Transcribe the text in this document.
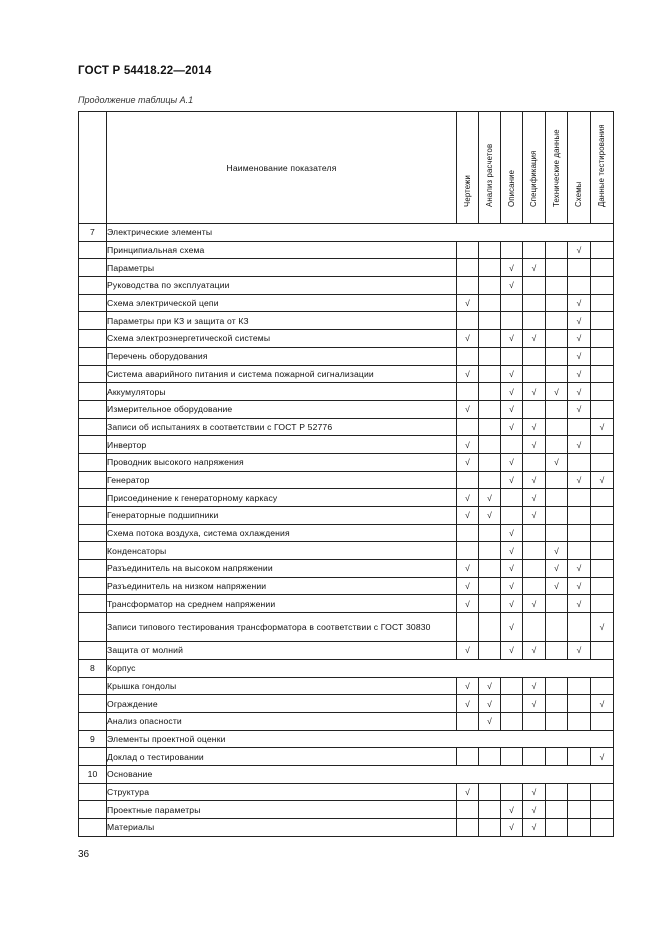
ГОСТ Р 54418.22—2014
Продолжение таблицы А.1
	Наименование показателя	Чертежи	Анализ расчетов	Описание	Спецификация	Технические данные	Схемы	Данные тестирования

7	Электрические элементы							
	Принципиальная схема						√	
	Параметры			√	√			
	Руководства по эксплуатации			√				
	Схема электрической цепи	√					√	
	Параметры при КЗ и защита от КЗ						√	
	Схема электроэнергетической системы	√		√	√		√	
	Перечень оборудования						√	
	Система аварийного питания и система пожарной сигнализации	√		√			√	
	Аккумуляторы			√	√	√	√	
	Измерительное оборудование	√		√			√	
	Записи об испытаниях в соответствии с ГОСТ Р 52776			√	√			√
	Инвертор	√			√		√	
	Проводник высокого напряжения	√		√		√		
	Генератор			√	√		√	√
	Присоединение к генераторному каркасу	√	√		√			
	Генераторные подшипники	√	√		√			
	Схема потока воздуха, система охлаждения			√				
	Конденсаторы			√		√		
	Разъединитель на высоком напряжении	√		√		√	√	
	Разъединитель на низком напряжении	√		√		√	√	
	Трансформатор на среднем напряжении	√		√	√		√	
	Записи типового тестирования трансформатора в соответствии с ГОСТ 30830			√				√
	Защита от молний	√		√	√		√	
8	Корпус							
	Крышка гондолы	√	√		√			
	Ограждение	√	√		√			√
	Анализ опасности		√					
9	Элементы проектной оценки							
	Доклад о тестировании							√
10	Основание							
	Структура	√			√			
	Проектные параметры			√	√			
	Материалы			√	√			
36
